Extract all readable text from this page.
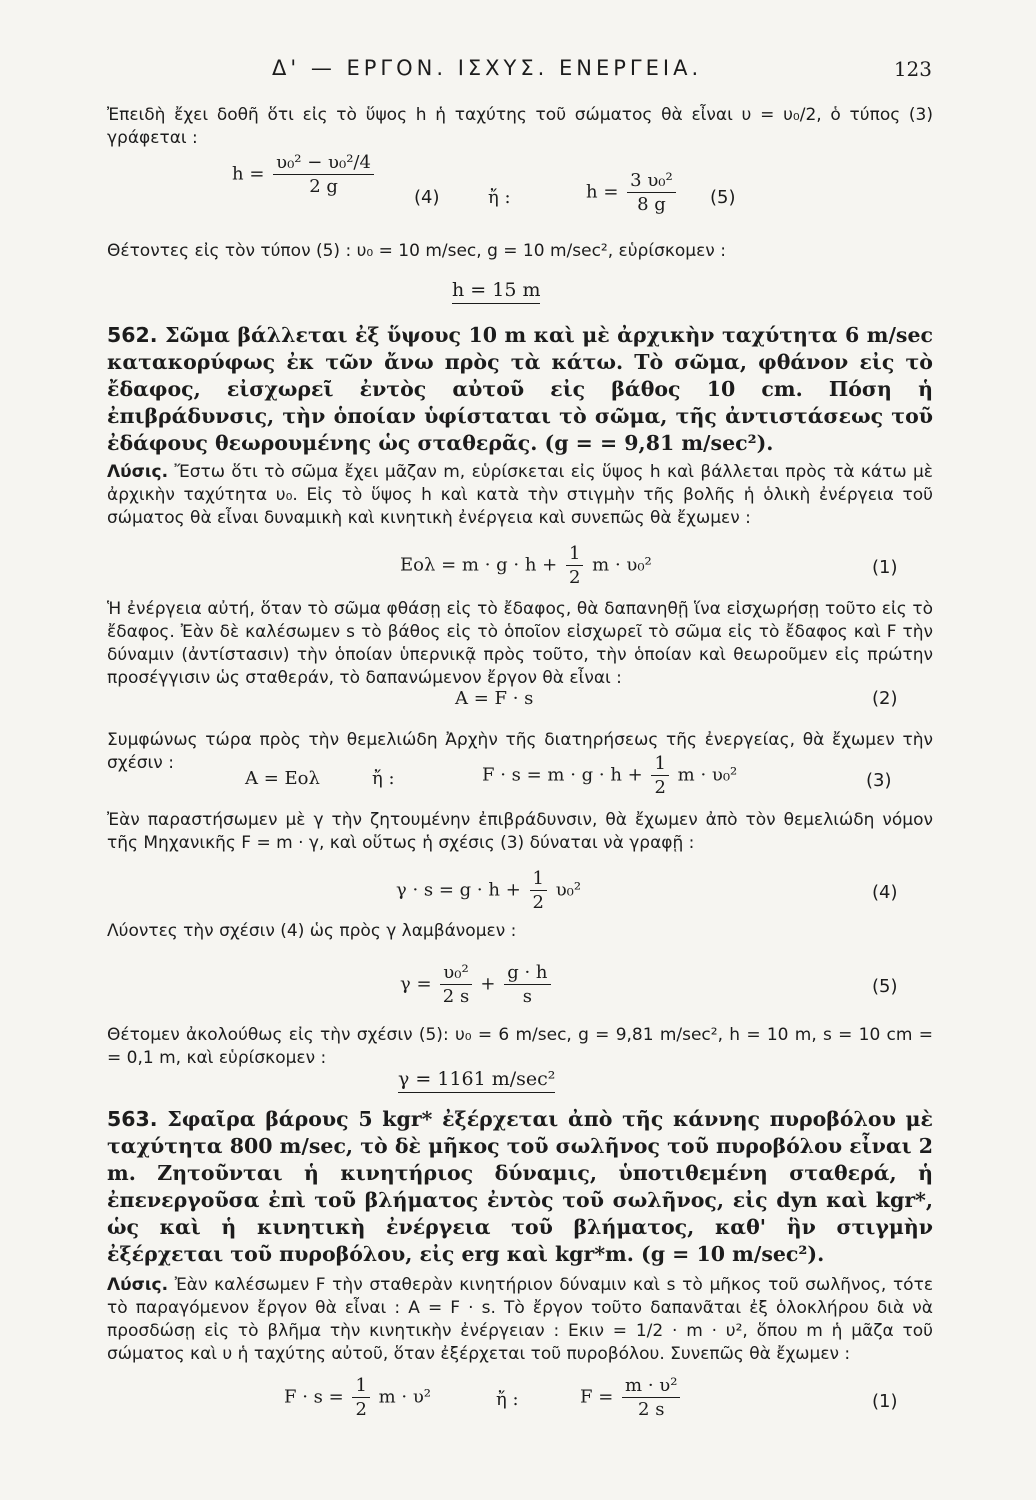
Δ' — ΕΡΓΟΝ. ΙΣΧΥΣ. ΕΝΕΡΓΕΙΑ.	123

Ἐπειδὴ ἔχει δοθῆ ὅτι εἰς τὸ ὕψος h ἡ ταχύτης τοῦ σώματος θὰ εἶναι υ = υ₀/2, ὁ τύπος (3) γράφεται :

$h = \frac{\text{υ₀² − υ₀²/4}}{2 g}$
(4)	ἤ :	$h = \frac{\text{3 υ₀²}}{8 g} (5)$

Θέτοντες εἰς τὸν τύπον (5) : υ₀ = 10 m/sec, g = 10 m/sec², εὑρίσκομεν :

h = 15 m

562. Σῶμα βάλλεται ἐξ ὕψους 10 m καὶ μὲ ἀρχικὴν ταχύτητα 6 m/sec κατακορύφως ἐκ τῶν ἄνω πρὸς τὰ κάτω. Τὸ σῶμα, φθάνον εἰς τὸ ἔδαφος, εἰσχωρεῖ ἐντὸς αὐτοῦ εἰς βάθος 10 cm. Πόση ἡ ἐπιβράδυνσις, τὴν ὁποίαν ὑφίσταται τὸ σῶμα, τῆς ἀντιστάσεως τοῦ ἐδάφους θεωρουμένης ὡς σταθερᾶς. (g = = 9,81 m/sec²).

Λύσις. Ἔστω ὅτι τὸ σῶμα ἔχει μᾶζαν m, εὑρίσκεται εἰς ὕψος h καὶ βάλλεται πρὸς τὰ κάτω μὲ ἀρχικὴν ταχύτητα υ₀. Εἰς τὸ ὕψος h καὶ κατὰ τὴν στιγμὴν τῆς βολῆς ἡ ὁλικὴ ἐνέργεια τοῦ σώματος θὰ εἶναι δυναμικὴ καὶ κινητικὴ ἐνέργεια καὶ συνεπῶς θὰ ἔχωμεν :

$Eo\lambda = m \cdot g \cdot h + \frac{1}{2}$ m · υ₀²	(1)

Ἡ ἐνέργεια αὐτή, ὅταν τὸ σῶμα φθάσῃ εἰς τὸ ἔδαφος, θὰ δαπανηθῇ ἵνα εἰσχωρήσῃ τοῦτο εἰς τὸ ἔδαφος. Ἐὰν δὲ καλέσωμεν s τὸ βάθος εἰς τὸ ὁποῖον εἰσχωρεῖ τὸ σῶμα εἰς τὸ ἔδαφος καὶ F τὴν δύναμιν (ἀντίστασιν) τὴν ὁποίαν ὑπερνικᾷ πρὸς τοῦτο, τὴν ὁποίαν καὶ θεωροῦμεν εἰς πρώτην προσέγγισιν ὡς σταθεράν, τὸ δαπανώμενον ἔργον θὰ εἶναι :

A = F · s	(2)

Συμφώνως τώρα πρὸς τὴν θεμελιώδη Ἀρχὴν τῆς διατηρήσεως τῆς ἐνεργείας, θὰ ἔχωμεν τὴν σχέσιν :

A = Eολ	ἤ :	$F \cdot s = m \cdot g \cdot h + \frac{1}{2}$ m · υ₀²	(3)

Ἐὰν παραστήσωμεν μὲ γ τὴν ζητουμένην ἐπιβράδυνσιν, θὰ ἔχωμεν ἀπὸ τὸν θεμελιώδη νόμον τῆς Μηχανικῆς F = m · γ, καὶ οὕτως ἡ σχέσις (3) δύναται νὰ γραφῇ :

$\gamma \cdot s = g \cdot h + \frac{1}{2} \upsilon_0^2$	(4)

Λύοντες τὴν σχέσιν (4) ὡς πρὸς γ λαμβάνομεν :

$\gamma = \frac{\text{υ₀²}}{2 s} + \frac{g \cdot h}{s}$	(5)

Θέτομεν ἀκολούθως εἰς τὴν σχέσιν (5): υ₀ = 6 m/sec, g = 9,81 m/sec², h = 10 m, s = 10 cm = = 0,1 m, καὶ εὑρίσκομεν :

γ = 1161 m/sec²

563. Σφαῖρα βάρους 5 kgr* ἐξέρχεται ἀπὸ τῆς κάννης πυροβόλου μὲ ταχύτητα 800 m/sec, τὸ δὲ μῆκος τοῦ σωλῆνος τοῦ πυροβόλου εἶναι 2 m. Ζητοῦνται ἡ κινητήριος δύναμις, ὑποτιθεμένη σταθερά, ἡ ἐπενεργοῦσα ἐπὶ τοῦ βλήματος ἐντὸς τοῦ σωλῆνος, εἰς dyn καὶ kgr*, ὡς καὶ ἡ κινητικὴ ἐνέργεια τοῦ βλήματος, καθ' ἣν στιγμὴν ἐξέρχεται τοῦ πυροβόλου, εἰς erg καὶ kgr*m. (g = 10 m/sec²).

Λύσις. Ἐὰν καλέσωμεν F τὴν σταθερὰν κινητήριον δύναμιν καὶ s τὸ μῆκος τοῦ σωλῆνος, τότε τὸ παραγόμενον ἔργον θὰ εἶναι : A = F · s. Τὸ ἔργον τοῦτο δαπανᾶται ἐξ ὁλοκλήρου διὰ νὰ προσδώσῃ εἰς τὸ βλῆμα τὴν κινητικὴν ἐνέργειαν : Eκιν = 1/2 · m · υ², ὅπου m ἡ μᾶζα τοῦ σώματος καὶ υ ἡ ταχύτης αὐτοῦ, ὅταν ἐξέρχεται τοῦ πυροβόλου. Συνεπῶς θὰ ἔχωμεν :

$F \cdot s = \frac{1}{2}$ m · υ²	ἤ :	$F = \frac{\text{m · υ²}}{2 s}$	(1)
